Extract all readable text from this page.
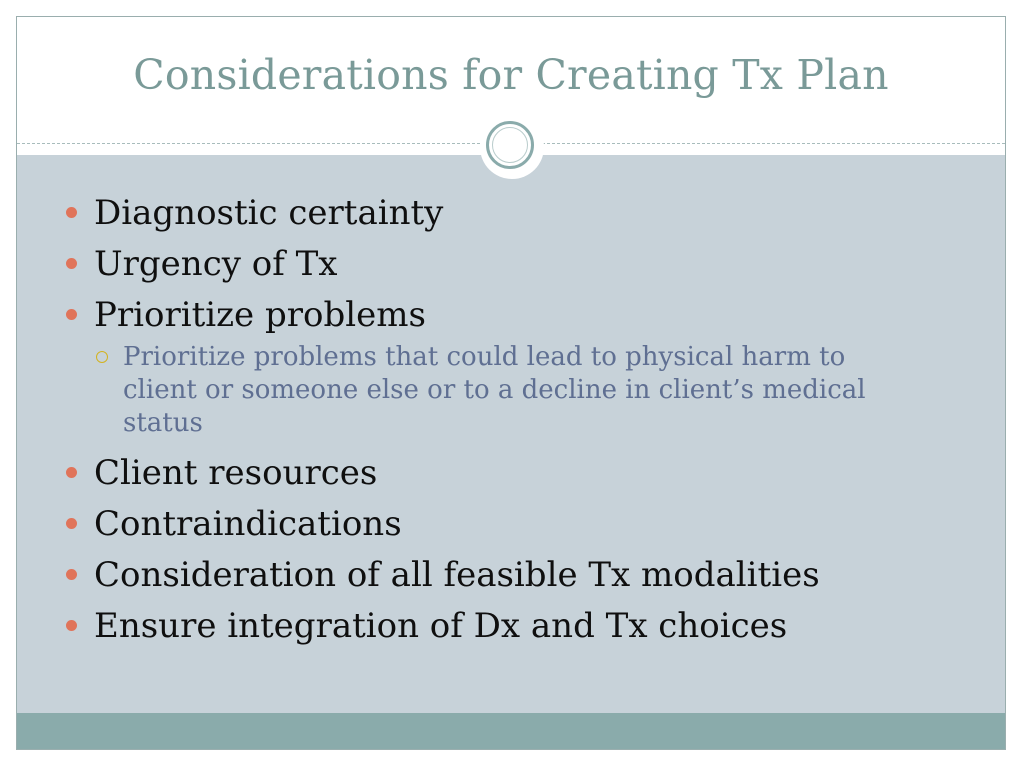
Considerations for Creating Tx Plan
Diagnostic certainty
Urgency of Tx
Prioritize problems
Prioritize problems that could lead to physical harm to client or someone else or to a decline in client’s medical status
Client resources
Contraindications
Consideration of all feasible Tx modalities
Ensure integration of Dx and Tx choices
